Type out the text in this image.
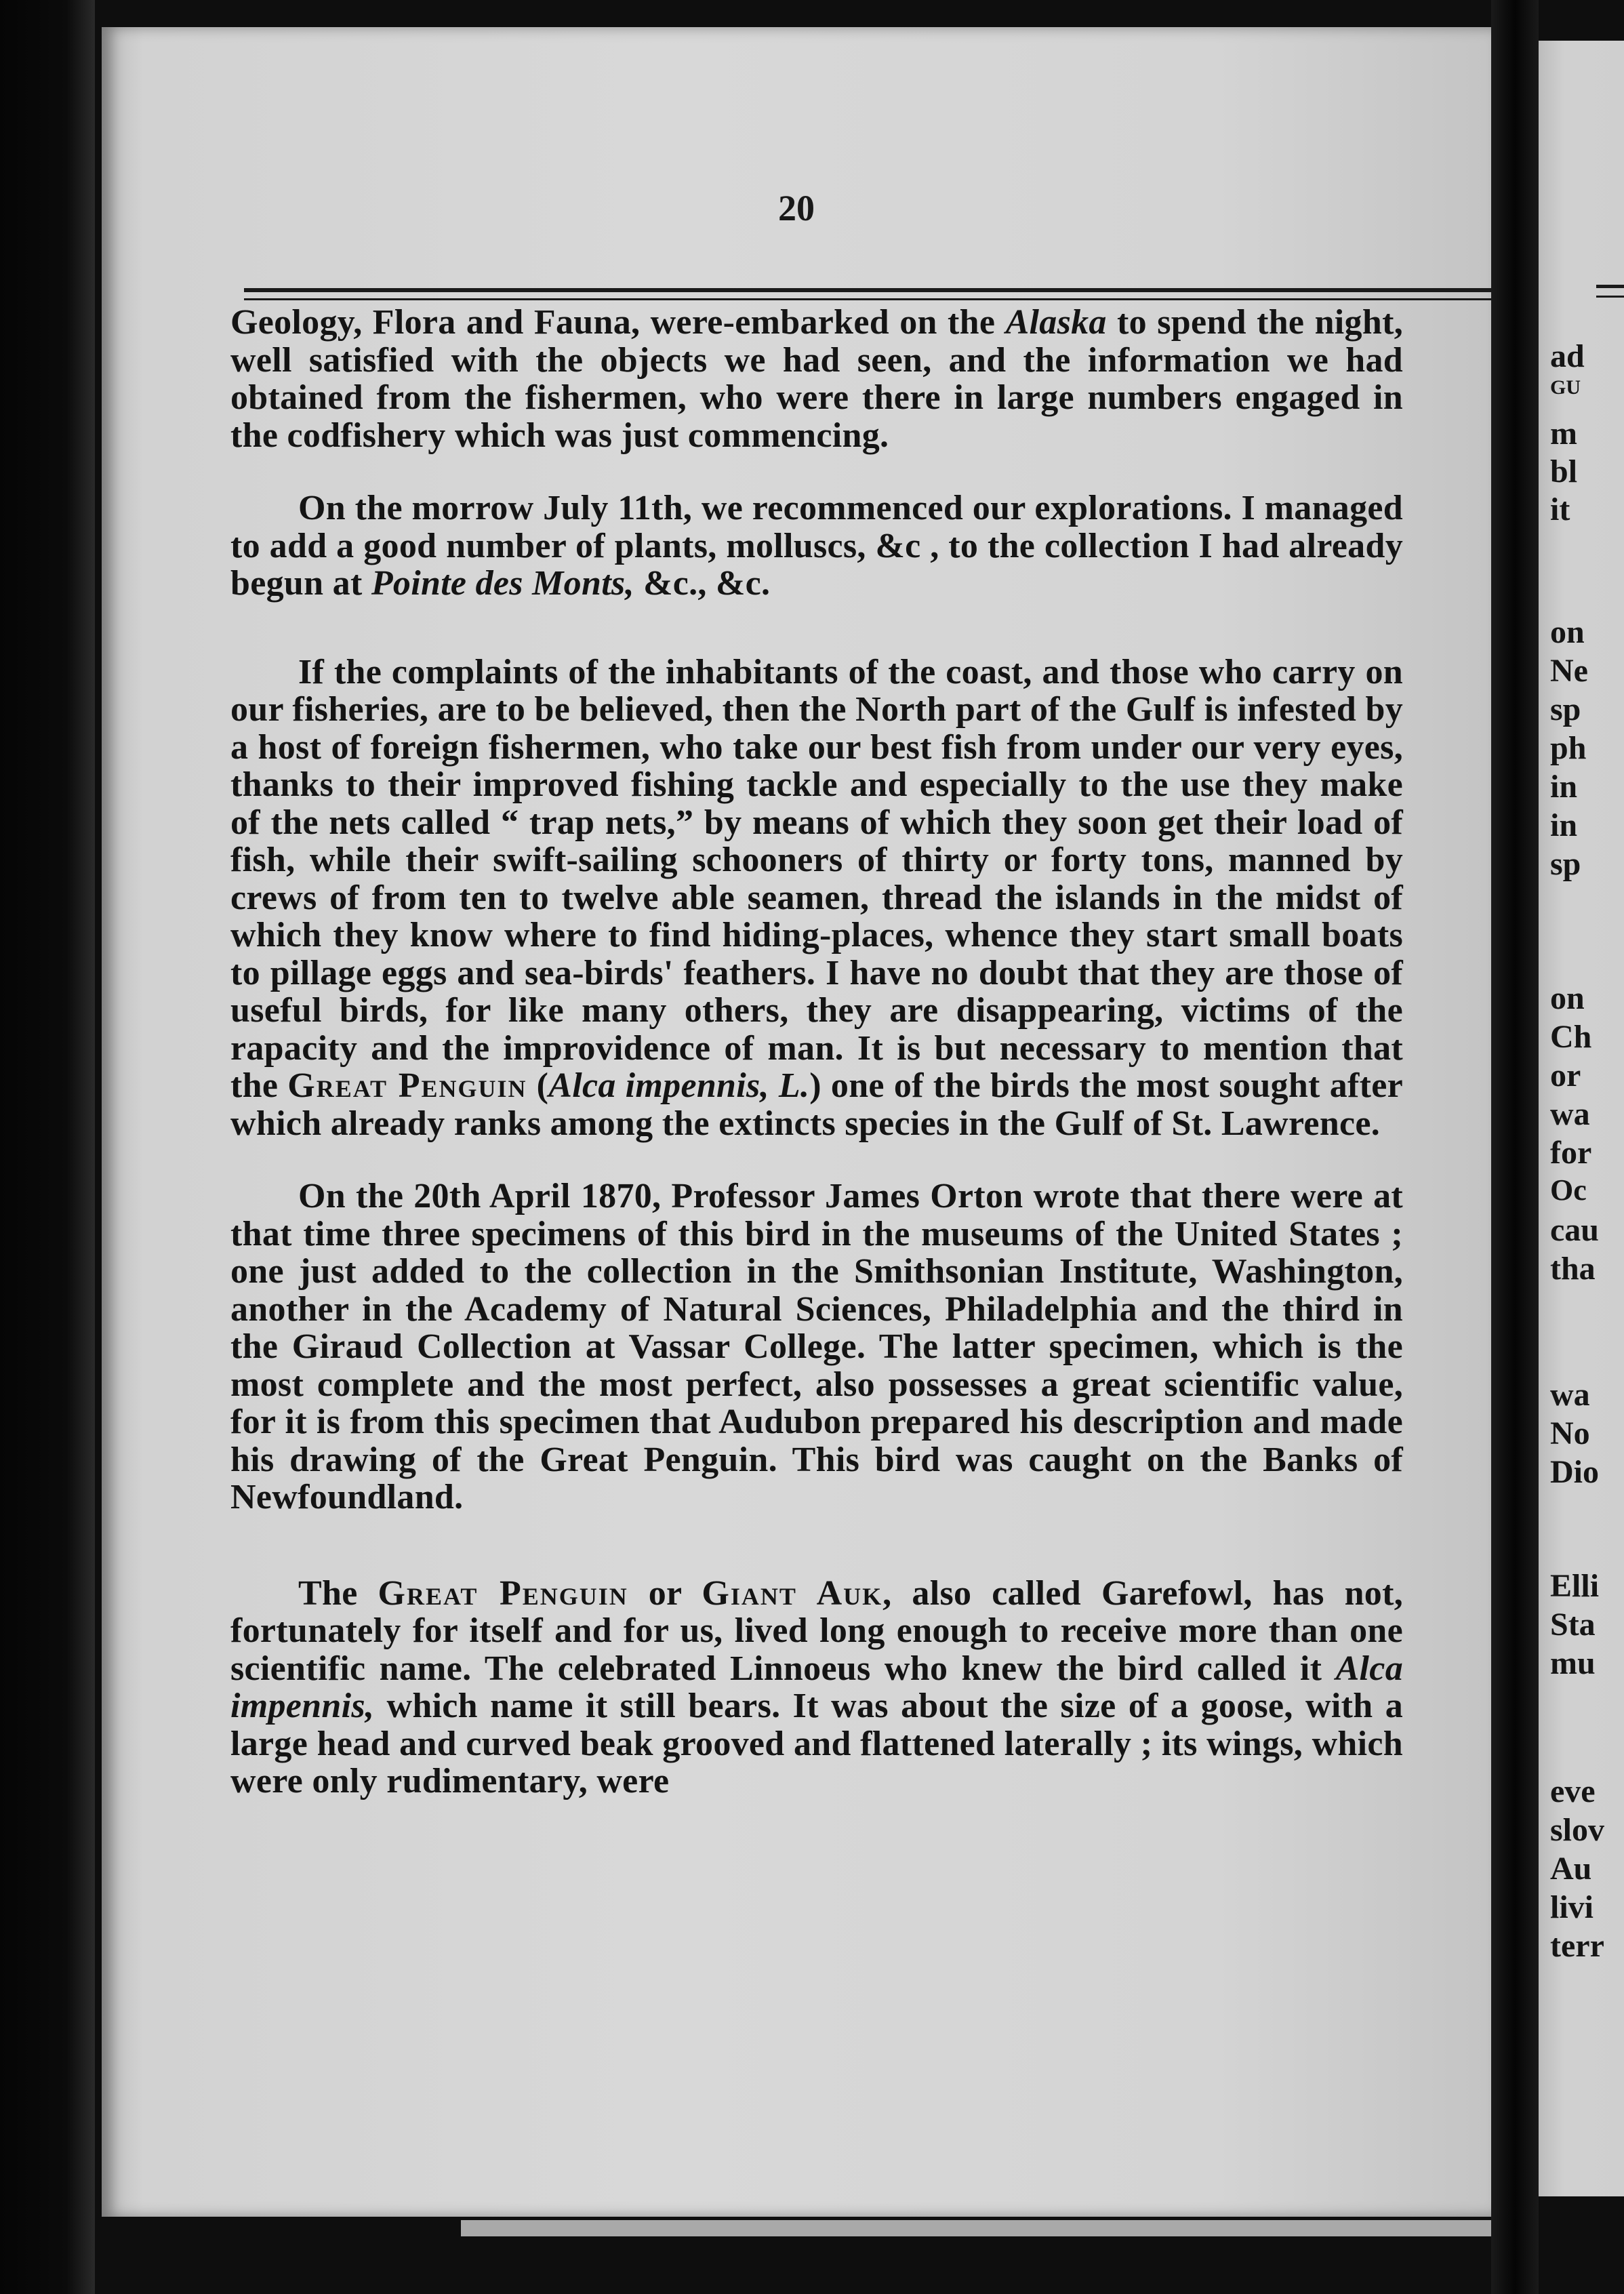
20

Geology, Flora and Fauna, were-embarked on the Alaska to spend the night, well satisfied with the objects we had seen, and the information we had obtained from the fishermen, who were there in large numbers engaged in the codfishery which was just commencing.

On the morrow July 11th, we recommenced our explorations. I managed to add a good number of plants, molluscs, &c , to the collection I had already begun at Pointe des Monts, &c., &c.

If the complaints of the inhabitants of the coast, and those who carry on our fisheries, are to be believed, then the North part of the Gulf is infested by a host of foreign fishermen, who take our best fish from under our very eyes, thanks to their improved fishing tackle and especially to the use they make of the nets called “ trap nets,” by means of which they soon get their load of fish, while their swift-sailing schooners of thirty or forty tons, manned by crews of from ten to twelve able seamen, thread the islands in the midst of which they know where to find hiding-places, whence they start small boats to pillage eggs and sea-birds' feathers. I have no doubt that they are those of useful birds, for like many others, they are disappearing, victims of the rapacity and the improvidence of man. It is but necessary to mention that the Great Penguin (Alca impennis, L.) one of the birds the most sought after which already ranks among the extincts species in the Gulf of St. Lawrence.

On the 20th April 1870, Professor James Orton wrote that there were at that time three specimens of this bird in the museums of the United States ; one just added to the collection in the Smithsonian Institute, Washington, another in the Academy of Natural Sciences, Philadelphia and the third in the Giraud Collection at Vassar College. The latter specimen, which is the most complete and the most perfect, also possesses a great scientific value, for it is from this specimen that Audubon prepared his description and made his drawing of the Great Penguin. This bird was caught on the Banks of Newfoundland.

The Great Penguin or Giant Auk, also called Garefowl, has not, fortunately for itself and for us, lived long enough to receive more than one scientific name. The celebrated Linnoeus who knew the bird called it Alca impennis, which name it still bears. It was about the size of a goose, with a large head and curved beak grooved and flattened laterally ; its wings, which were only rudimentary, were

ad
GU
m
bl
it
on
Ne
sp
ph
in
in
sp
on
Ch
or
wa
for
Oc
cau
tha
wa
No
Dio
Elli
Sta
mu
eve
slov
Au
livi
terr
